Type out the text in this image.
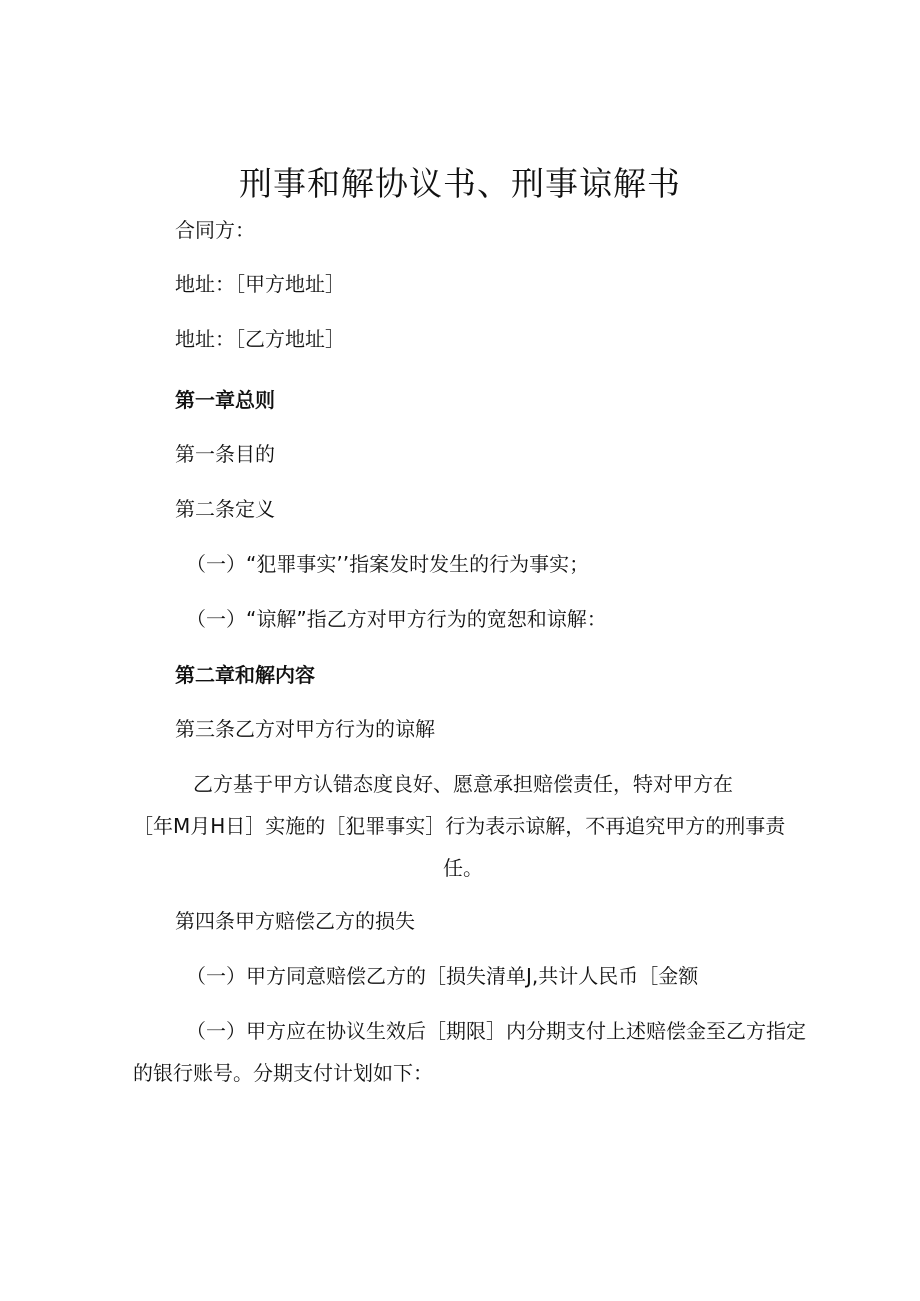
刑事和解协议书、刑事谅解书

合同方：

地址：［甲方地址］

地址：［乙方地址］

第一章总则

第一条目的

第二条定义

（一）“犯罪事实’’指案发时发生的行为事实；

（一）“谅解”指乙方对甲方行为的宽恕和谅解：

第二章和解内容

第三条乙方对甲方行为的谅解

乙方基于甲方认错态度良好、愿意承担赔偿责任，特对甲方在
［年M月H日］实施的［犯罪事实］行为表示谅解，不再追究甲方的刑事责
任。

第四条甲方赔偿乙方的损失

（一）甲方同意赔偿乙方的［损失清单J,共计人民币［金额

（一）甲方应在协议生效后［期限］内分期支付上述赔偿金至乙方指定
的银行账号。分期支付计划如下：
